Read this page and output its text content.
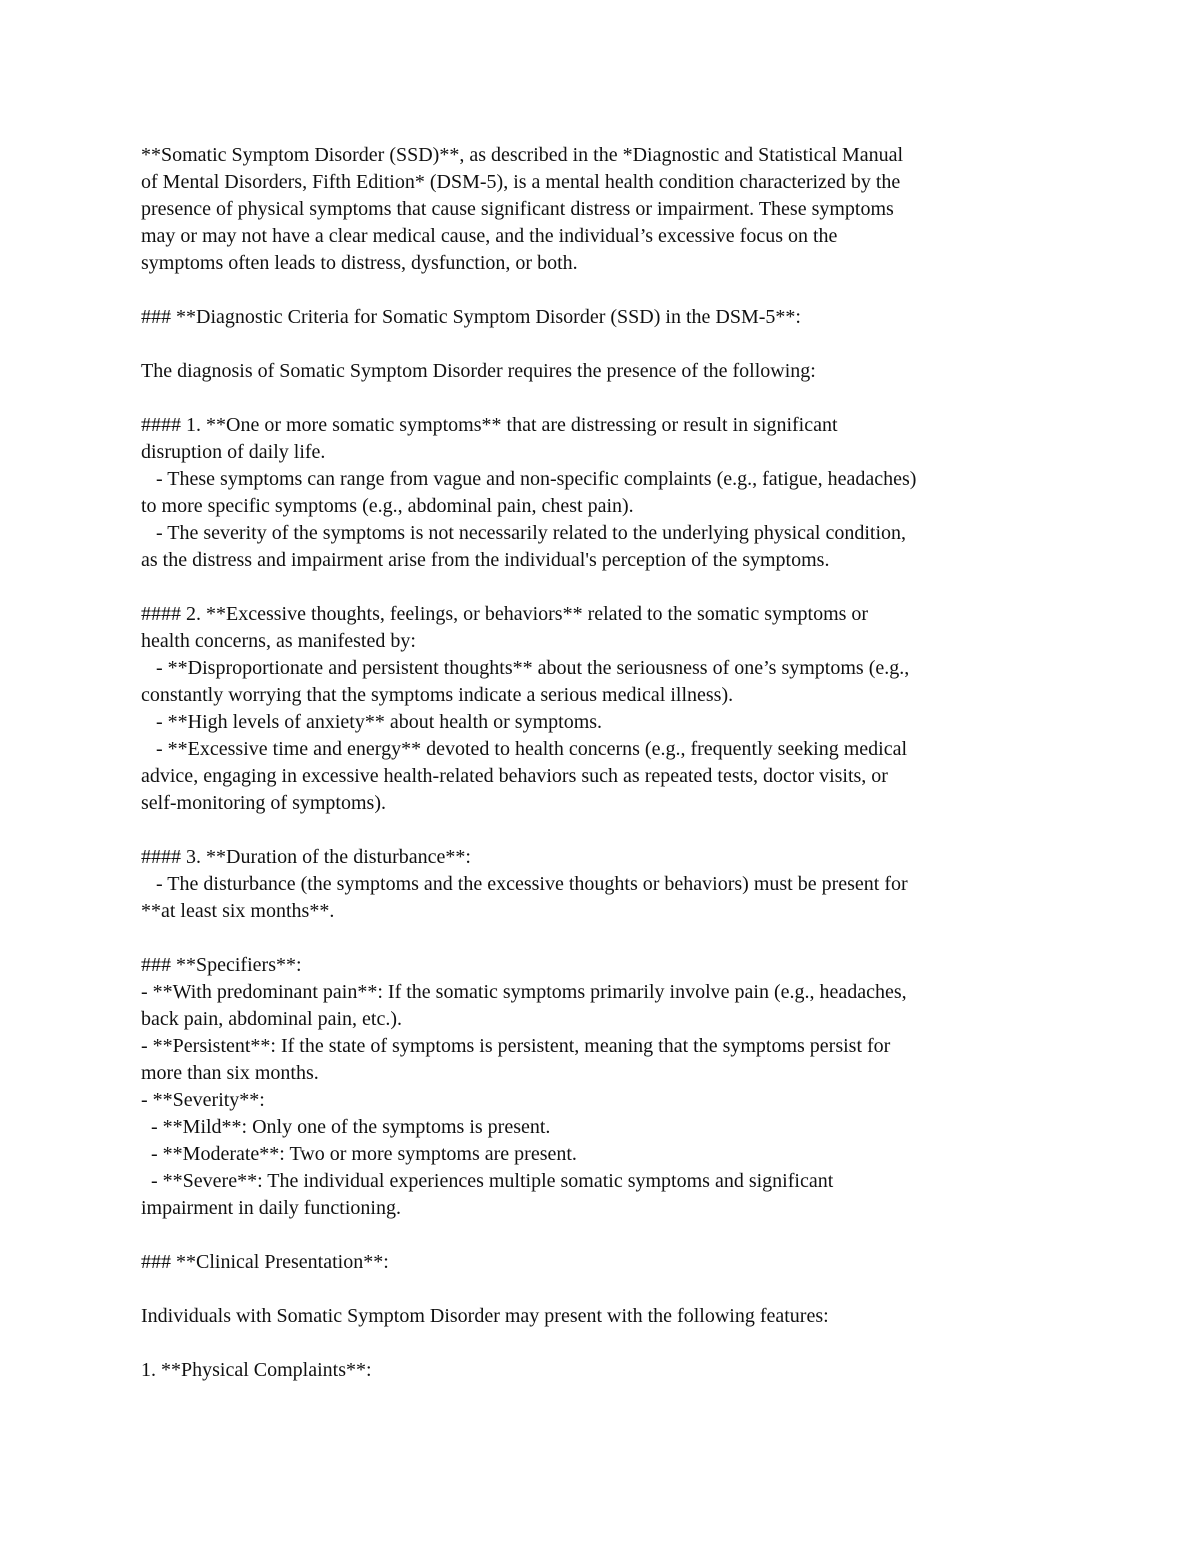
**Somatic Symptom Disorder (SSD)**, as described in the *Diagnostic and Statistical Manual
of Mental Disorders, Fifth Edition* (DSM-5), is a mental health condition characterized by the
presence of physical symptoms that cause significant distress or impairment. These symptoms
may or may not have a clear medical cause, and the individual’s excessive focus on the
symptoms often leads to distress, dysfunction, or both.
### **Diagnostic Criteria for Somatic Symptom Disorder (SSD) in the DSM-5**:
The diagnosis of Somatic Symptom Disorder requires the presence of the following:
#### 1. **One or more somatic symptoms** that are distressing or result in significant
disruption of daily life.
- These symptoms can range from vague and non-specific complaints (e.g., fatigue, headaches)
to more specific symptoms (e.g., abdominal pain, chest pain).
- The severity of the symptoms is not necessarily related to the underlying physical condition,
as the distress and impairment arise from the individual's perception of the symptoms.
#### 2. **Excessive thoughts, feelings, or behaviors** related to the somatic symptoms or
health concerns, as manifested by:
- **Disproportionate and persistent thoughts** about the seriousness of one’s symptoms (e.g.,
constantly worrying that the symptoms indicate a serious medical illness).
- **High levels of anxiety** about health or symptoms.
- **Excessive time and energy** devoted to health concerns (e.g., frequently seeking medical
advice, engaging in excessive health-related behaviors such as repeated tests, doctor visits, or
self-monitoring of symptoms).
#### 3. **Duration of the disturbance**:
- The disturbance (the symptoms and the excessive thoughts or behaviors) must be present for
**at least six months**.
### **Specifiers**:
- **With predominant pain**: If the somatic symptoms primarily involve pain (e.g., headaches,
back pain, abdominal pain, etc.).
- **Persistent**: If the state of symptoms is persistent, meaning that the symptoms persist for
more than six months.
- **Severity**:
- **Mild**: Only one of the symptoms is present.
- **Moderate**: Two or more symptoms are present.
- **Severe**: The individual experiences multiple somatic symptoms and significant
impairment in daily functioning.
### **Clinical Presentation**:
Individuals with Somatic Symptom Disorder may present with the following features:
1. **Physical Complaints**:
